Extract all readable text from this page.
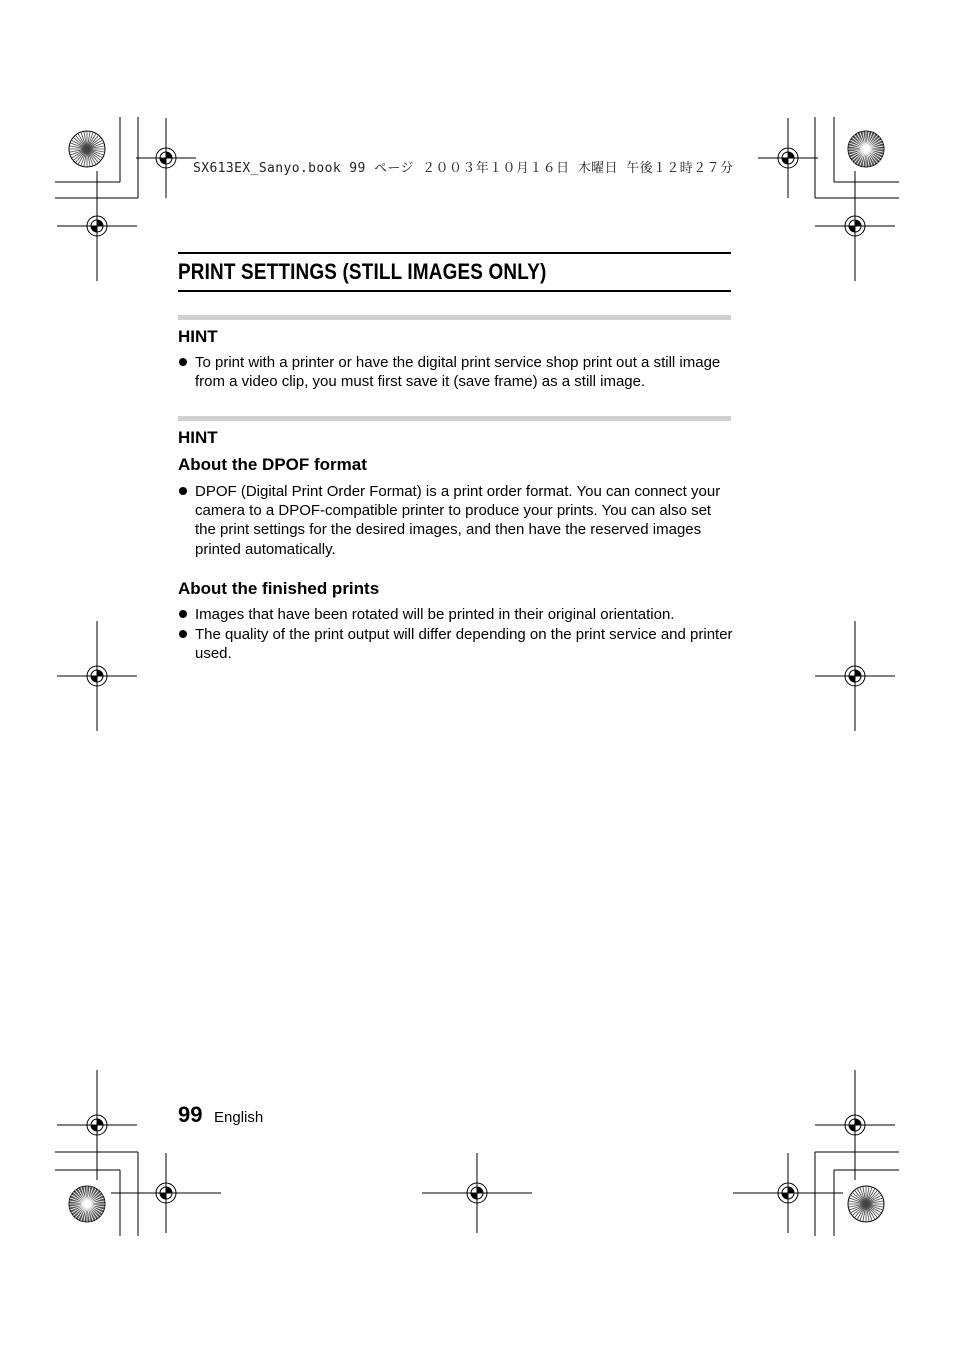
SX613EX_Sanyo.book 99 ページ ２００３年１０月１６日 木曜日 午後１２時２７分
PRINT SETTINGS (STILL IMAGES ONLY)
HINT
To print with a printer or have the digital print service shop print out a still image from a video clip, you must first save it (save frame) as a still image.
HINT
About the DPOF format
DPOF (Digital Print Order Format) is a print order format. You can connect your camera to a DPOF-compatible printer to produce your prints. You can also set the print settings for the desired images, and then have the reserved images printed automatically.
About the finished prints
Images that have been rotated will be printed in their original orientation.
The quality of the print output will differ depending on the print service and printer used.
99 English
